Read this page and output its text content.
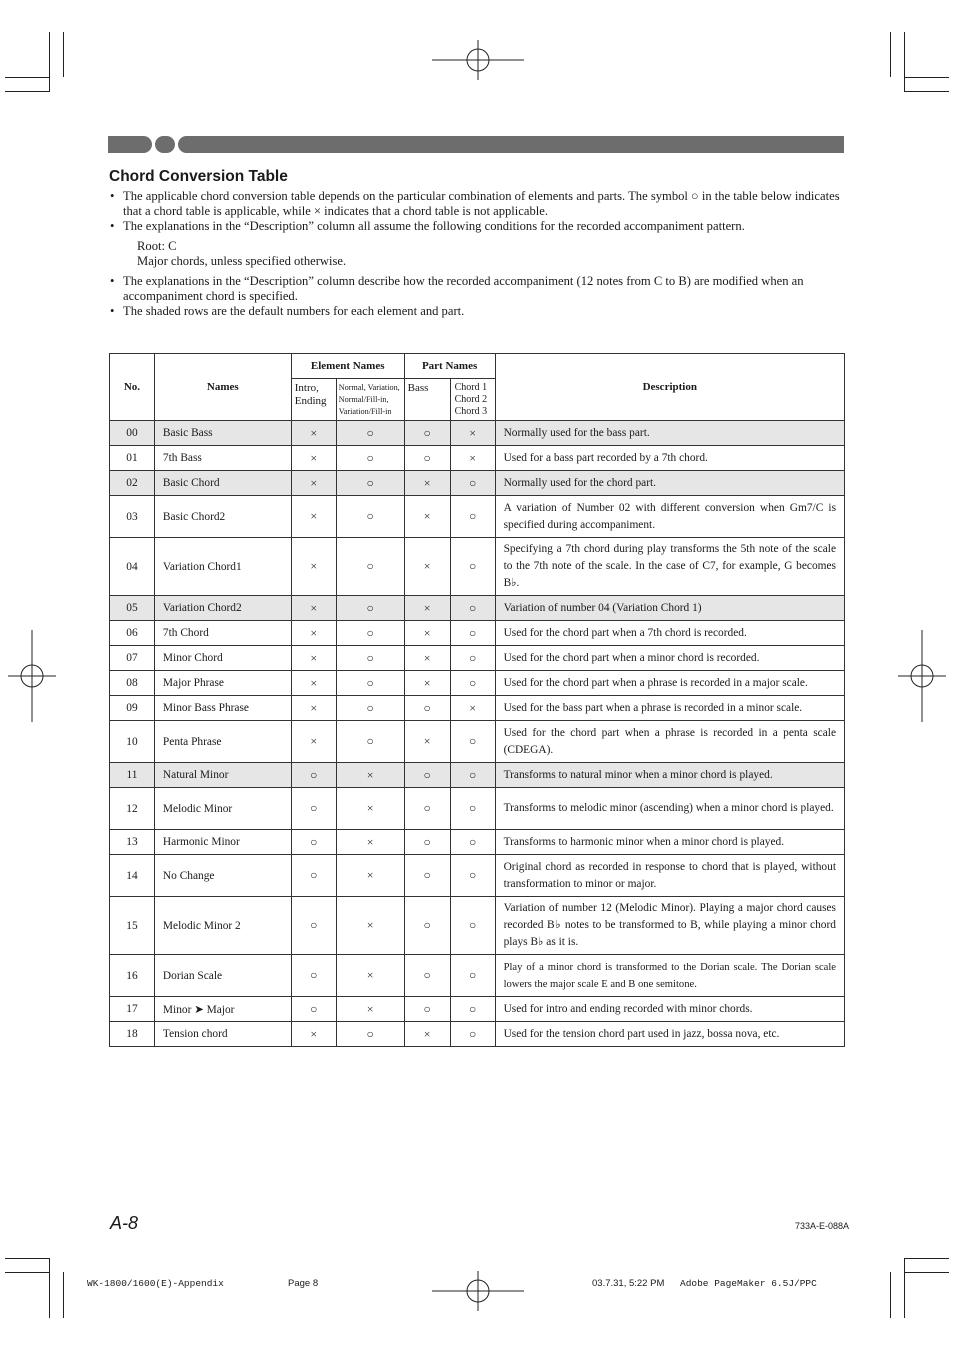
Chord Conversion Table
• The applicable chord conversion table depends on the particular combination of elements and parts. The symbol ○ in the table below indicates that a chord table is applicable, while × indicates that a chord table is not applicable.
• The explanations in the “Description” column all assume the following conditions for the recorded accompaniment pattern.
Root: C
Major chords, unless specified otherwise.
• The explanations in the “Description” column describe how the recorded accompaniment (12 notes from C to B) are modified when an accompaniment chord is specified.
• The shaded rows are the default numbers for each element and part.
No.	Names	Element Names		Part Names		Description
		Intro, Ending	Normal, Variation, Normal/Fill-in, Variation/Fill-in	Bass	Chord 1 Chord 2 Chord 3	
00	Basic Bass	×	○	○	×	Normally used for the bass part.
01	7th Bass	×	○	○	×	Used for a bass part recorded by a 7th chord.
02	Basic Chord	×	○	×	○	Normally used for the chord part.
03	Basic Chord2	×	○	×	○	A variation of Number 02 with different conversion when Gm7/C is specified during accompaniment.
04	Variation Chord1	×	○	×	○	Specifying a 7th chord during play transforms the 5th note of the scale to the 7th note of the scale. In the case of C7, for example, G becomes B♭.
05	Variation Chord2	×	○	×	○	Variation of number 04 (Variation Chord 1)
06	7th Chord	×	○	×	○	Used for the chord part when a 7th chord is recorded.
07	Minor Chord	×	○	×	○	Used for the chord part when a minor chord is recorded.
08	Major Phrase	×	○	×	○	Used for the chord part when a phrase is recorded in a major scale.
09	Minor Bass Phrase	×	○	○	×	Used for the bass part when a phrase is recorded in a minor scale.
10	Penta Phrase	×	○	×	○	Used for the chord part when a phrase is recorded in a penta scale (CDEGA).
11	Natural Minor	○	×	○	○	Transforms to natural minor when a minor chord is played.
12	Melodic Minor	○	×	○	○	Transforms to melodic minor (ascending) when a minor chord is played.
13	Harmonic Minor	○	×	○	○	Transforms to harmonic minor when a minor chord is played.
14	No Change	○	×	○	○	Original chord as recorded in response to chord that is played, without transformation to minor or major.
15	Melodic Minor 2	○	×	○	○	Variation of number 12 (Melodic Minor). Playing a major chord causes recorded B♭ notes to be transformed to B, while playing a minor chord plays B♭ as it is.
16	Dorian Scale	○	×	○	○	Play of a minor chord is transformed to the Dorian scale. The Dorian scale lowers the major scale E and B one semitone.
17	Minor ➤ Major	○	×	○	○	Used for intro and ending recorded with minor chords.
18	Tension chord	×	○	×	○	Used for the tension chord part used in jazz, bossa nova, etc.
A-8	733A-E-088A
WK-1800/1600(E)-Appendix	Page 8	03.7.31, 5:22 PM Adobe PageMaker 6.5J/PPC
